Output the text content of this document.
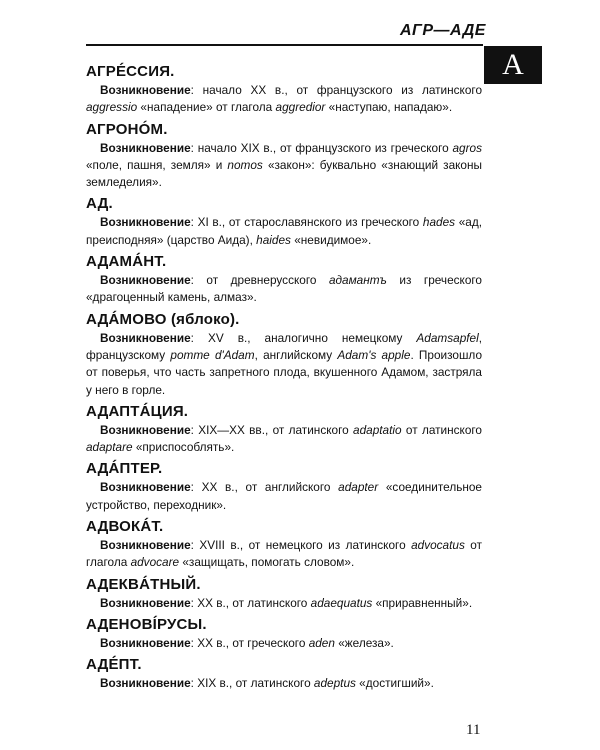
АГР—АДЕ
А
АГРÉССИЯ.

Возникновение: начало XX в., от французского из латинского aggressio «нападение» от глагола aggredior «наступаю, нападаю».

АГРОНÓМ.

Возникновение: начало XIX в., от французского из греческого agros «поле, пашня, земля» и nomos «закон»: буквально «знающий законы земледелия».

АД.

Возникновение: XI в., от старославянского из греческого hades «ад, преисподняя» (царство Аида), haides «невидимое».

АДАМÁНТ.

Возникновение: от древнерусского адамантъ из греческого «драгоценный камень, алмаз».

АДÁМОВО (яблоко).

Возникновение: XV в., аналогично немецкому Adamsapfel, французскому pomme d'Adam, английскому Adam's apple. Произошло от поверья, что часть запретного плода, вкушенного Адамом, застряла у него в горле.

АДАПТÁЦИЯ.

Возникновение: XIX—XX вв., от латинского adaptatio от латинского adaptare «приспособлять».

АДÁПТЕР.

Возникновение: XX в., от английского adapter «соединительное устройство, переходник».

АДВОКÁТ.

Возникновение: XVIII в., от немецкого из латинского advocatus от глагола advocare «защищать, помогать словом».

АДЕКВÁТНЫЙ.

Возникновение: XX в., от латинского adaequatus «приравненный».

АДЕНОВÍРУСЫ.

Возникновение: XX в., от греческого aden «железа».

АДÉПТ.

Возникновение: XIX в., от латинского adeptus «достигший».

11
